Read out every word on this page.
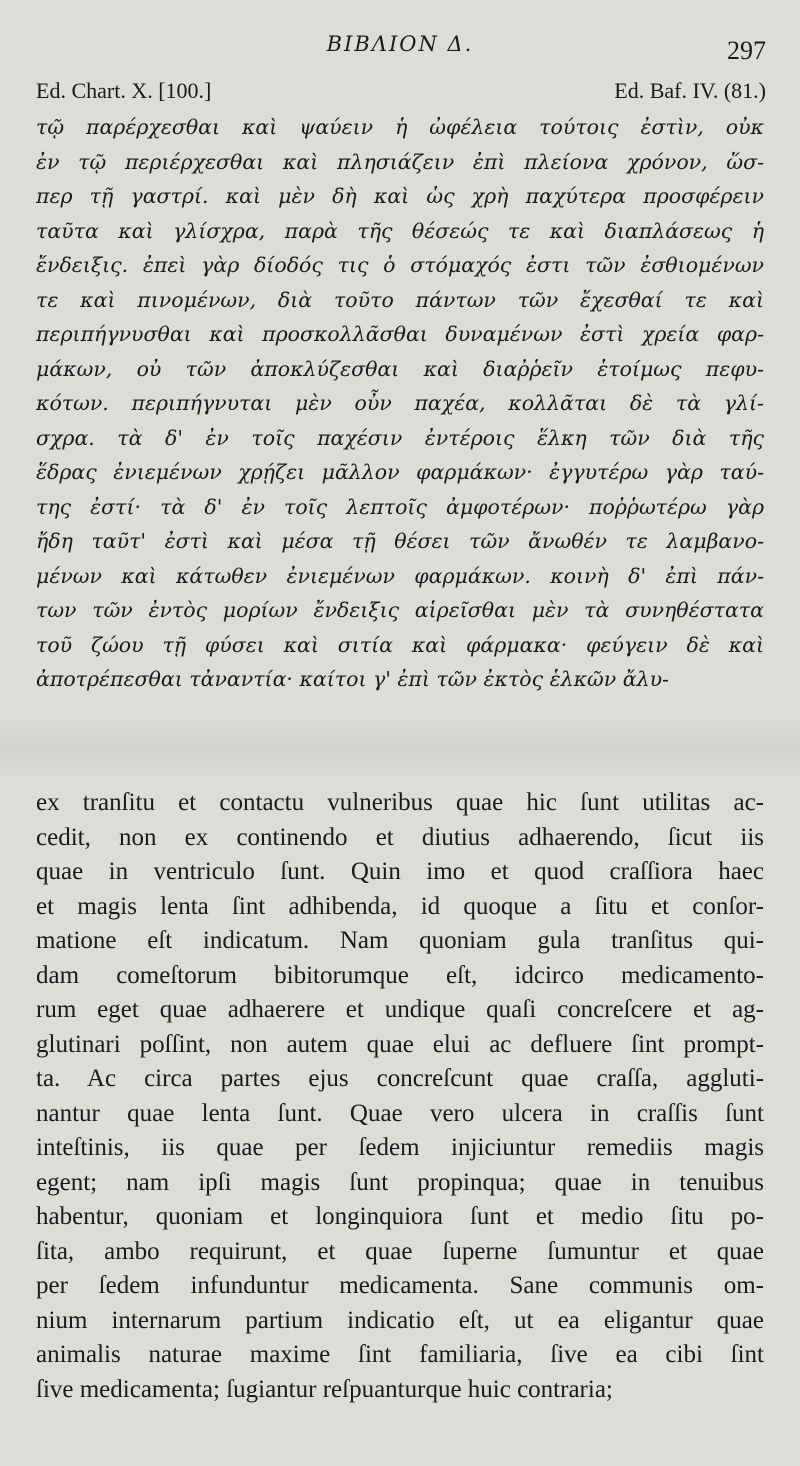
ΒΙΒΛΙΟΝ Δ.	297
Ed. Chart. X. [100.]	Ed. Baf. IV. (81.)
τῷ παρέρχεσθαι καὶ ψαύειν ἡ ὠφέλεια τούτοις ἐστὶν, οὐκ
ἐν τῷ περιέρχεσθαι καὶ πλησιάζειν ἐπὶ πλείονα χρόνον, ὥσ-
περ τῇ γαστρί. καὶ μὲν δὴ καὶ ὡς χρὴ παχύτερα προσφέρειν
ταῦτα καὶ γλίσχρα, παρὰ τῆς θέσεώς τε καὶ διαπλάσεως ἡ
ἔνδειξις. ἐπεὶ γὰρ δίοδός τις ὁ στόμαχός ἐστι τῶν ἐσθιομένων
τε καὶ πινομένων, διὰ τοῦτο πάντων τῶν ἔχεσθαί τε καὶ
περιπήγνυσθαι καὶ προσκολλᾶσθαι δυναμένων ἐστὶ χρεία φαρ-
μάκων, οὐ τῶν ἀποκλύζεσθαι καὶ διαῤῥεῖν ἑτοίμως πεφυ-
κότων. περιπήγνυται μὲν οὖν παχέα, κολλᾶται δὲ τὰ γλί-
σχρα. τὰ δ' ἐν τοῖς παχέσιν ἐντέροις ἕλκη τῶν διὰ τῆς
ἕδρας ἐνιεμένων χρῄζει μᾶλλον φαρμάκων· ἐγγυτέρω γὰρ ταύ-
της ἐστί· τὰ δ' ἐν τοῖς λεπτοῖς ἀμφοτέρων· ποῤῥωτέρω γὰρ
ἤδη ταῦτ' ἐστὶ καὶ μέσα τῇ θέσει τῶν ἄνωθέν τε λαμβανο-
μένων καὶ κάτωθεν ἐνιεμένων φαρμάκων. κοινὴ δ' ἐπὶ πάν-
των τῶν ἐντὸς μορίων ἔνδειξις αἱρεῖσθαι μὲν τὰ συνηθέστατα
τοῦ ζώου τῇ φύσει καὶ σιτία καὶ φάρμακα· φεύγειν δὲ καὶ
ἀποτρέπεσθαι τἀναντία· καίτοι γ' ἐπὶ τῶν ἐκτὸς ἑλκῶν ἄλυ-
ex tranſitu et contactu vulneribus quae hic ſunt utilitas ac-
cedit, non ex continendo et diutius adhaerendo, ſicut iis
quae in ventriculo ſunt. Quin imo et quod craſſiora haec
et magis lenta ſint adhibenda, id quoque a ſitu et conſor-
matione eſt indicatum. Nam quoniam gula tranſitus qui-
dam comeſtorum bibitorumque eſt, idcirco medicamento-
rum eget quae adhaerere et undique quaſi concreſcere et ag-
glutinari poſſint, non autem quae elui ac defluere ſint prompt-
ta. Ac circa partes ejus concreſcunt quae craſſa, aggluti-
nantur quae lenta ſunt. Quae vero ulcera in craſſis ſunt
inteſtinis, iis quae per ſedem injiciuntur remediis magis
egent; nam ipſi magis ſunt propinqua; quae in tenuibus
habentur, quoniam et longinquiora ſunt et medio ſitu po-
ſita, ambo requirunt, et quae ſuperne ſumuntur et quae
per ſedem infunduntur medicamenta. Sane communis om-
nium internarum partium indicatio eſt, ut ea eligantur quae
animalis naturae maxime ſint familiaria, ſive ea cibi ſint
ſive medicamenta; ſugiantur reſpuanturque huic contraria;
